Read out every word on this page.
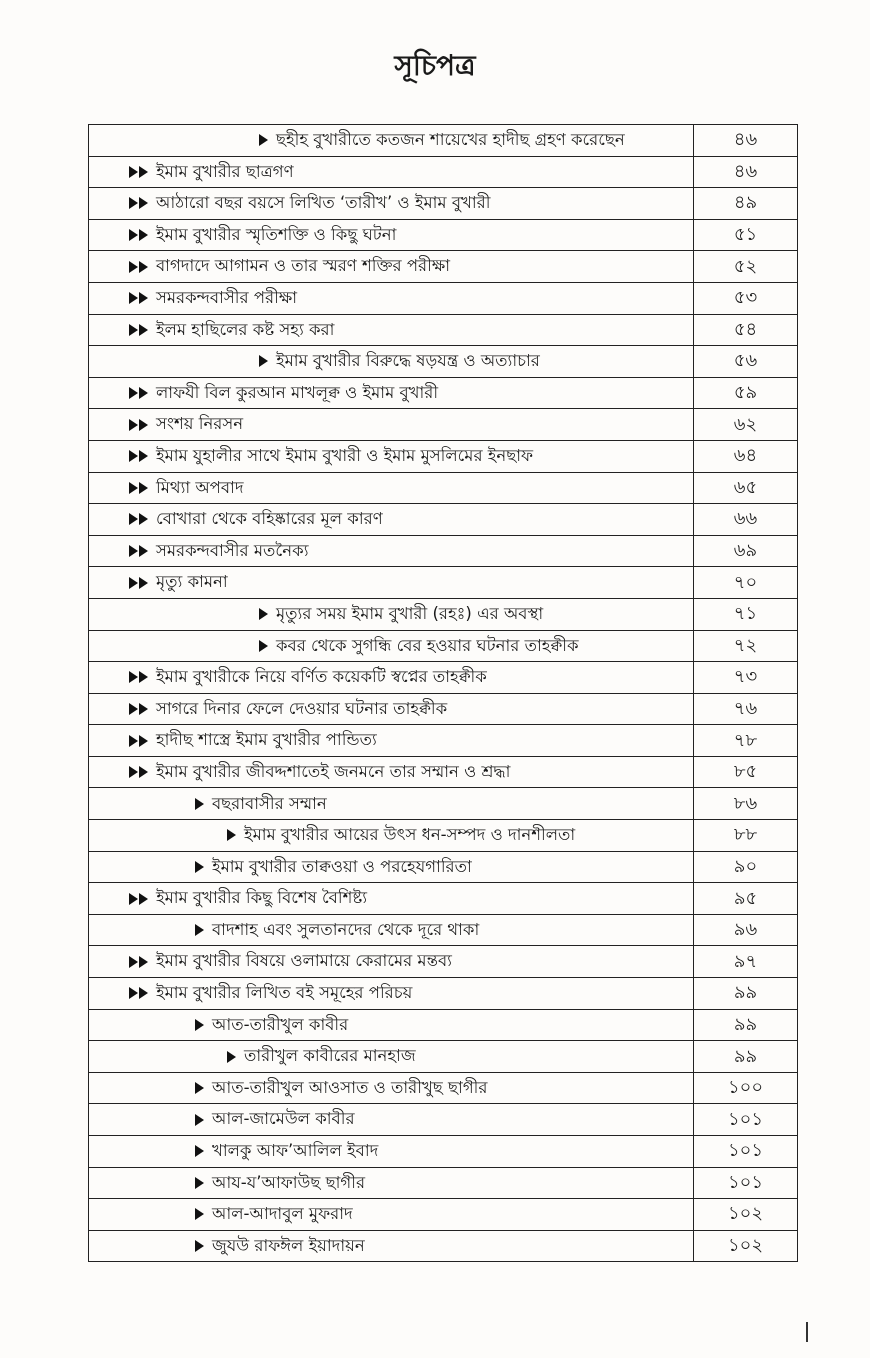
সূচিপত্র
ছহীহ বুখারীতে কতজন শায়েখের হাদীছ গ্রহণ করেছেন	৪৬

ইমাম বুখারীর ছাত্রগণ	৪৬

আঠারো বছর বয়সে লিখিত ‘তারীখ’ ও ইমাম বুখারী	৪৯

ইমাম বুখারীর স্মৃতিশক্তি ও কিছু ঘটনা	৫১

বাগদাদে আগামন ও তার স্মরণ শক্তির পরীক্ষা	৫২

সমরকন্দবাসীর পরীক্ষা	৫৩

ইলম হাছিলের কষ্ট সহ্য করা	৫৪

ইমাম বুখারীর বিরুদ্ধে ষড়যন্ত্র ও অত্যাচার	৫৬

লাফযী বিল কুরআন মাখলূক্ব ও ইমাম বুখারী	৫৯

সংশয় নিরসন	৬২

ইমাম যুহালীর সাথে ইমাম বুখারী ও ইমাম মুসলিমের ইনছাফ	৬৪

মিথ্যা অপবাদ	৬৫

বোখারা থেকে বহিষ্কারের মূল কারণ	৬৬

সমরকন্দবাসীর মতনৈক্য	৬৯

মৃত্যু কামনা	৭০

মৃত্যুর সময় ইমাম বুখারী (রহঃ) এর অবস্থা	৭১

কবর থেকে সুগন্ধি বের হওয়ার ঘটনার তাহক্বীক	৭২

ইমাম বুখারীকে নিয়ে বর্ণিত কয়েকটি স্বপ্নের তাহক্বীক	৭৩

সাগরে দিনার ফেলে দেওয়ার ঘটনার তাহক্বীক	৭৬

হাদীছ শাস্ত্রে ইমাম বুখারীর পান্ডিত্য	৭৮

ইমাম বুখারীর জীবদ্দশাতেই জনমনে তার সম্মান ও শ্রদ্ধা	৮৫

বছরাবাসীর সম্মান	৮৬

ইমাম বুখারীর আয়ের উৎস ধন-সম্পদ ও দানশীলতা	৮৮

ইমাম বুখারীর তাক্বওয়া ও পরহেযগারিতা	৯০

ইমাম বুখারীর কিছু বিশেষ বৈশিষ্ট্য	৯৫

বাদশাহ এবং সুলতানদের থেকে দূরে থাকা	৯৬

ইমাম বুখারীর বিষয়ে ওলামায়ে কেরামের মন্তব্য	৯৭

ইমাম বুখারীর লিখিত বই সমূহের পরিচয়	৯৯

আত-তারীখুল কাবীর	৯৯

তারীখুল কাবীরের মানহাজ	৯৯

আত-তারীখুল আওসাত ও তারীখুছ ছাগীর	১০০

আল-জামেউল কাবীর	১০১

খালকু আফ’আলিল ইবাদ	১০১

আয-য’আফাউছ ছাগীর	১০১

আল-আদাবুল মুফরাদ	১০২

জুযউ রাফঈল ইয়াদায়ন	১০২
